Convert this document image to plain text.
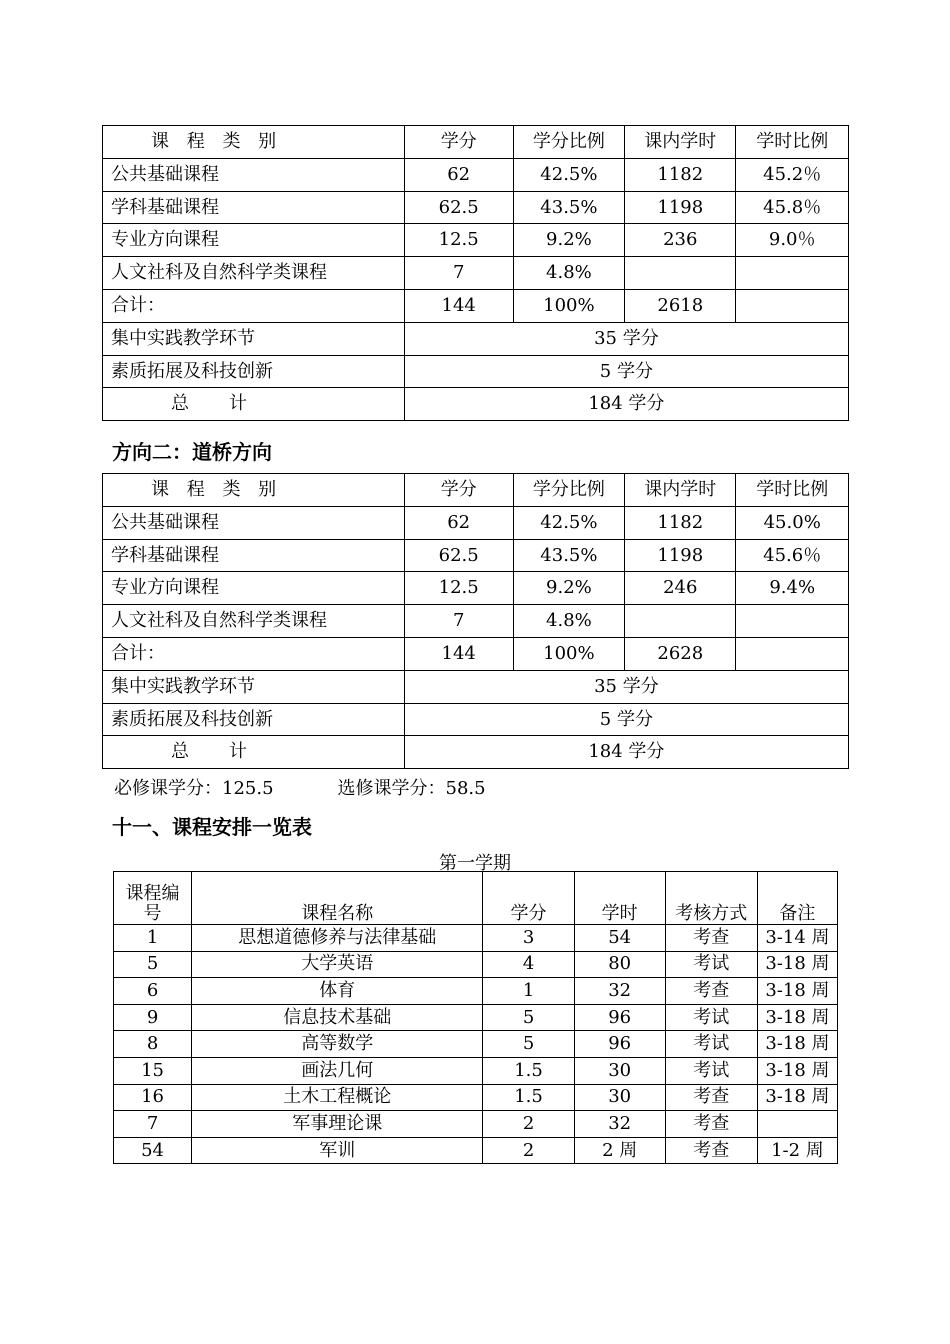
课 程 类 别	学分	学分比例	课内学时	学时比例
公共基础课程	62	42.5%	1182	45.2％
学科基础课程	62.5	43.5%	1198	45.8％
专业方向课程	12.5	9.2%	236	9.0％
人文社科及自然科学类课程	7	4.8%		
合计：	144	100%	2618	
集中实践教学环节	35 学分			
素质拓展及科技创新	5 学分			
总 计	184 学分			
方向二：道桥方向
课 程 类 别	学分	学分比例	课内学时	学时比例
公共基础课程	62	42.5%	1182	45.0%
学科基础课程	62.5	43.5%	1198	45.6％
专业方向课程	12.5	9.2%	246	9.4%
人文社科及自然科学类课程	7	4.8%		
合计：	144	100%	2628	
集中实践教学环节	35 学分			
素质拓展及科技创新	5 学分			
总 计	184 学分			
必修课学分：125.5	选修课学分：58.5
十一、课程安排一览表
第一学期
课程编
号	课程名称	学分	学时	考核方式	备注
1	思想道德修养与法律基础	3	54	考查	3-14 周
5	大学英语	4	80	考试	3-18 周
6	体育	1	32	考查	3-18 周
9	信息技术基础	5	96	考试	3-18 周
8	高等数学	5	96	考试	3-18 周
15	画法几何	1.5	30	考试	3-18 周
16	土木工程概论	1.5	30	考查	3-18 周
7	军事理论课	2	32	考查	
54	军训	2	2 周	考查	1-2 周
